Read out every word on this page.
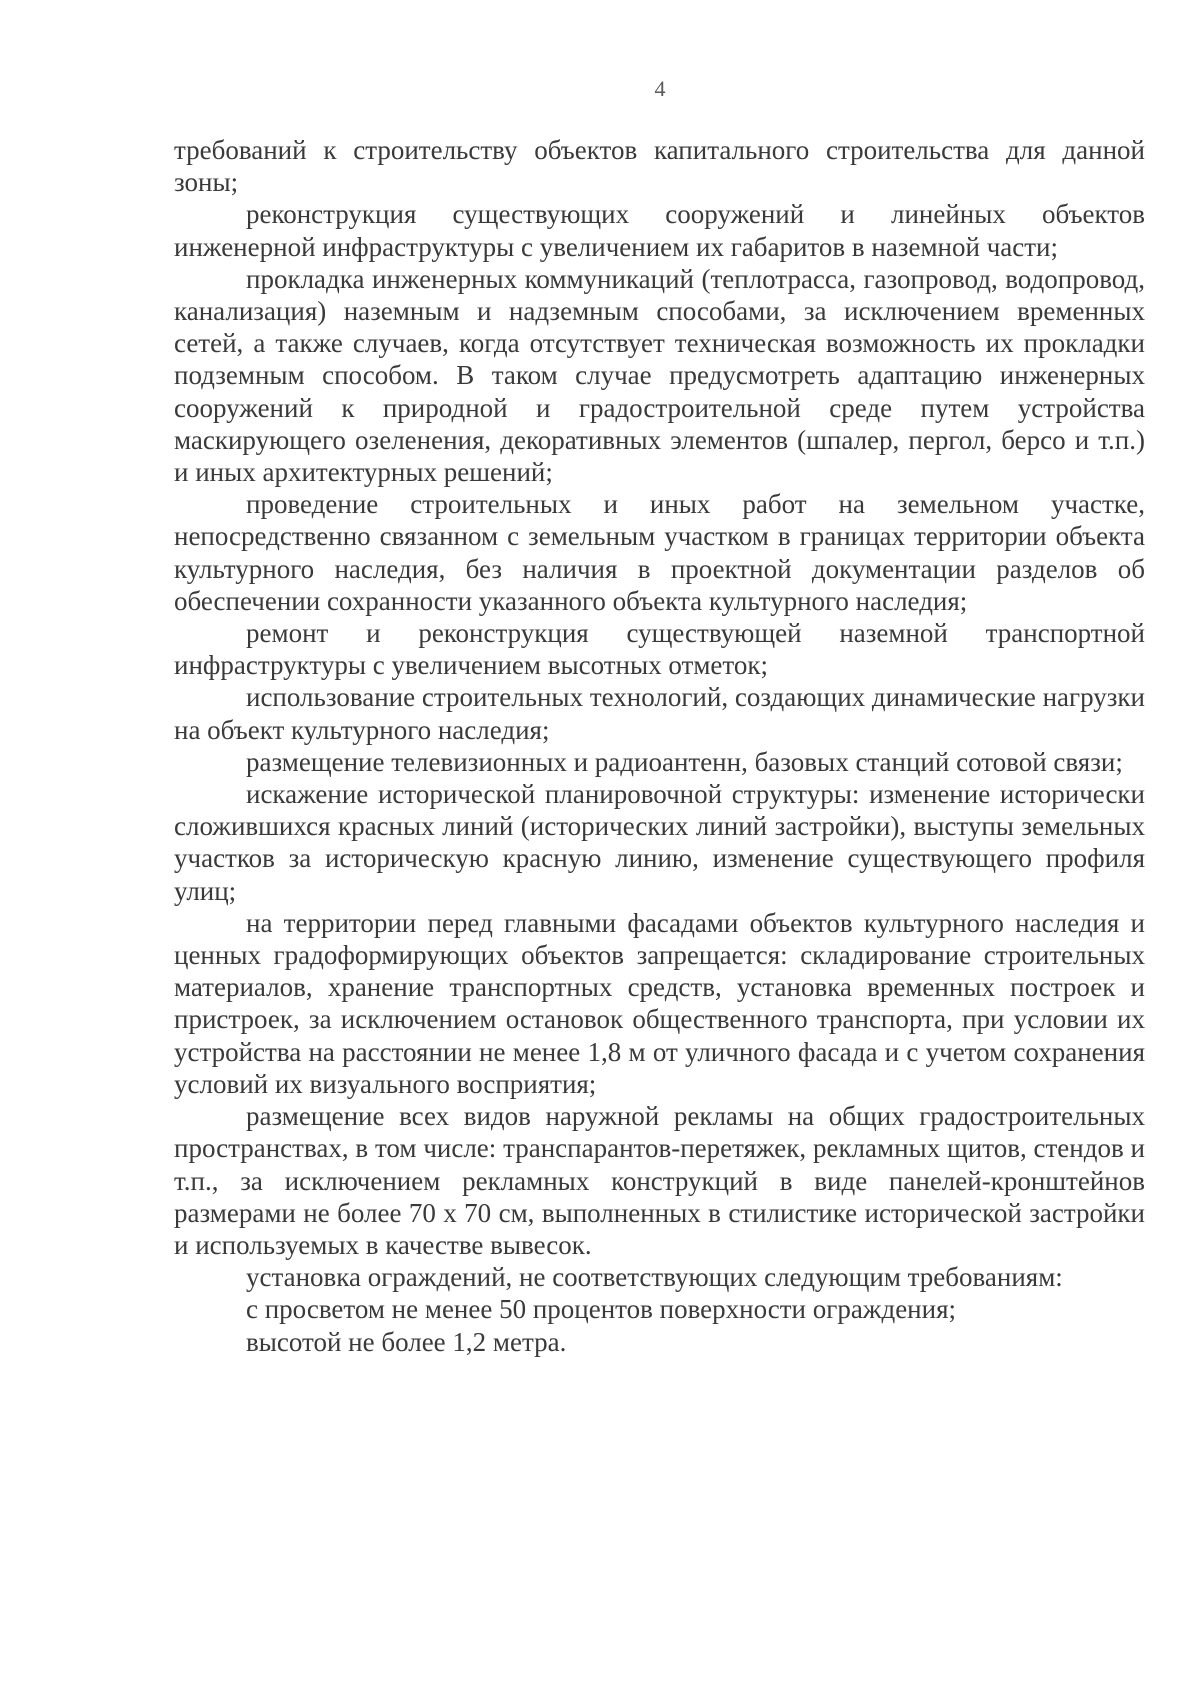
4

требований к строительству объектов капитального строительства для данной зоны;

реконструкция существующих сооружений и линейных объектов инженерной инфраструктуры с увеличением их габаритов в наземной части;

прокладка инженерных коммуникаций (теплотрасса, газопровод, водопровод, канализация) наземным и надземным способами, за исключением временных сетей, а также случаев, когда отсутствует техническая возможность их прокладки подземным способом. В таком случае предусмотреть адаптацию инженерных сооружений к природной и градостроительной среде путем устройства маскирующего озеленения, декоративных элементов (шпалер, пергол, берсо и т.п.) и иных архитектурных решений;

проведение строительных и иных работ на земельном участке, непосредственно связанном с земельным участком в границах территории объекта культурного наследия, без наличия в проектной документации разделов об обеспечении сохранности указанного объекта культурного наследия;

ремонт и реконструкция существующей наземной транспортной инфраструктуры с увеличением высотных отметок;

использование строительных технологий, создающих динамические нагрузки на объект культурного наследия;

размещение телевизионных и радиоантенн, базовых станций сотовой связи;

искажение исторической планировочной структуры: изменение исторически сложившихся красных линий (исторических линий застройки), выступы земельных участков за историческую красную линию, изменение существующего профиля улиц;

на территории перед главными фасадами объектов культурного наследия и ценных градоформирующих объектов запрещается: складирование строительных материалов, хранение транспортных средств, установка временных построек и пристроек, за исключением остановок общественного транспорта, при условии их устройства на расстоянии не менее 1,8 м от уличного фасада и с учетом сохранения условий их визуального восприятия;

размещение всех видов наружной рекламы на общих градостроительных пространствах, в том числе: транспарантов-перетяжек, рекламных щитов, стендов и т.п., за исключением рекламных конструкций в виде панелей-кронштейнов размерами не более 70 х 70 см, выполненных в стилистике исторической застройки и используемых в качестве вывесок.

установка ограждений, не соответствующих следующим требованиям:

с просветом не менее 50 процентов поверхности ограждения;

высотой не более 1,2 метра.
